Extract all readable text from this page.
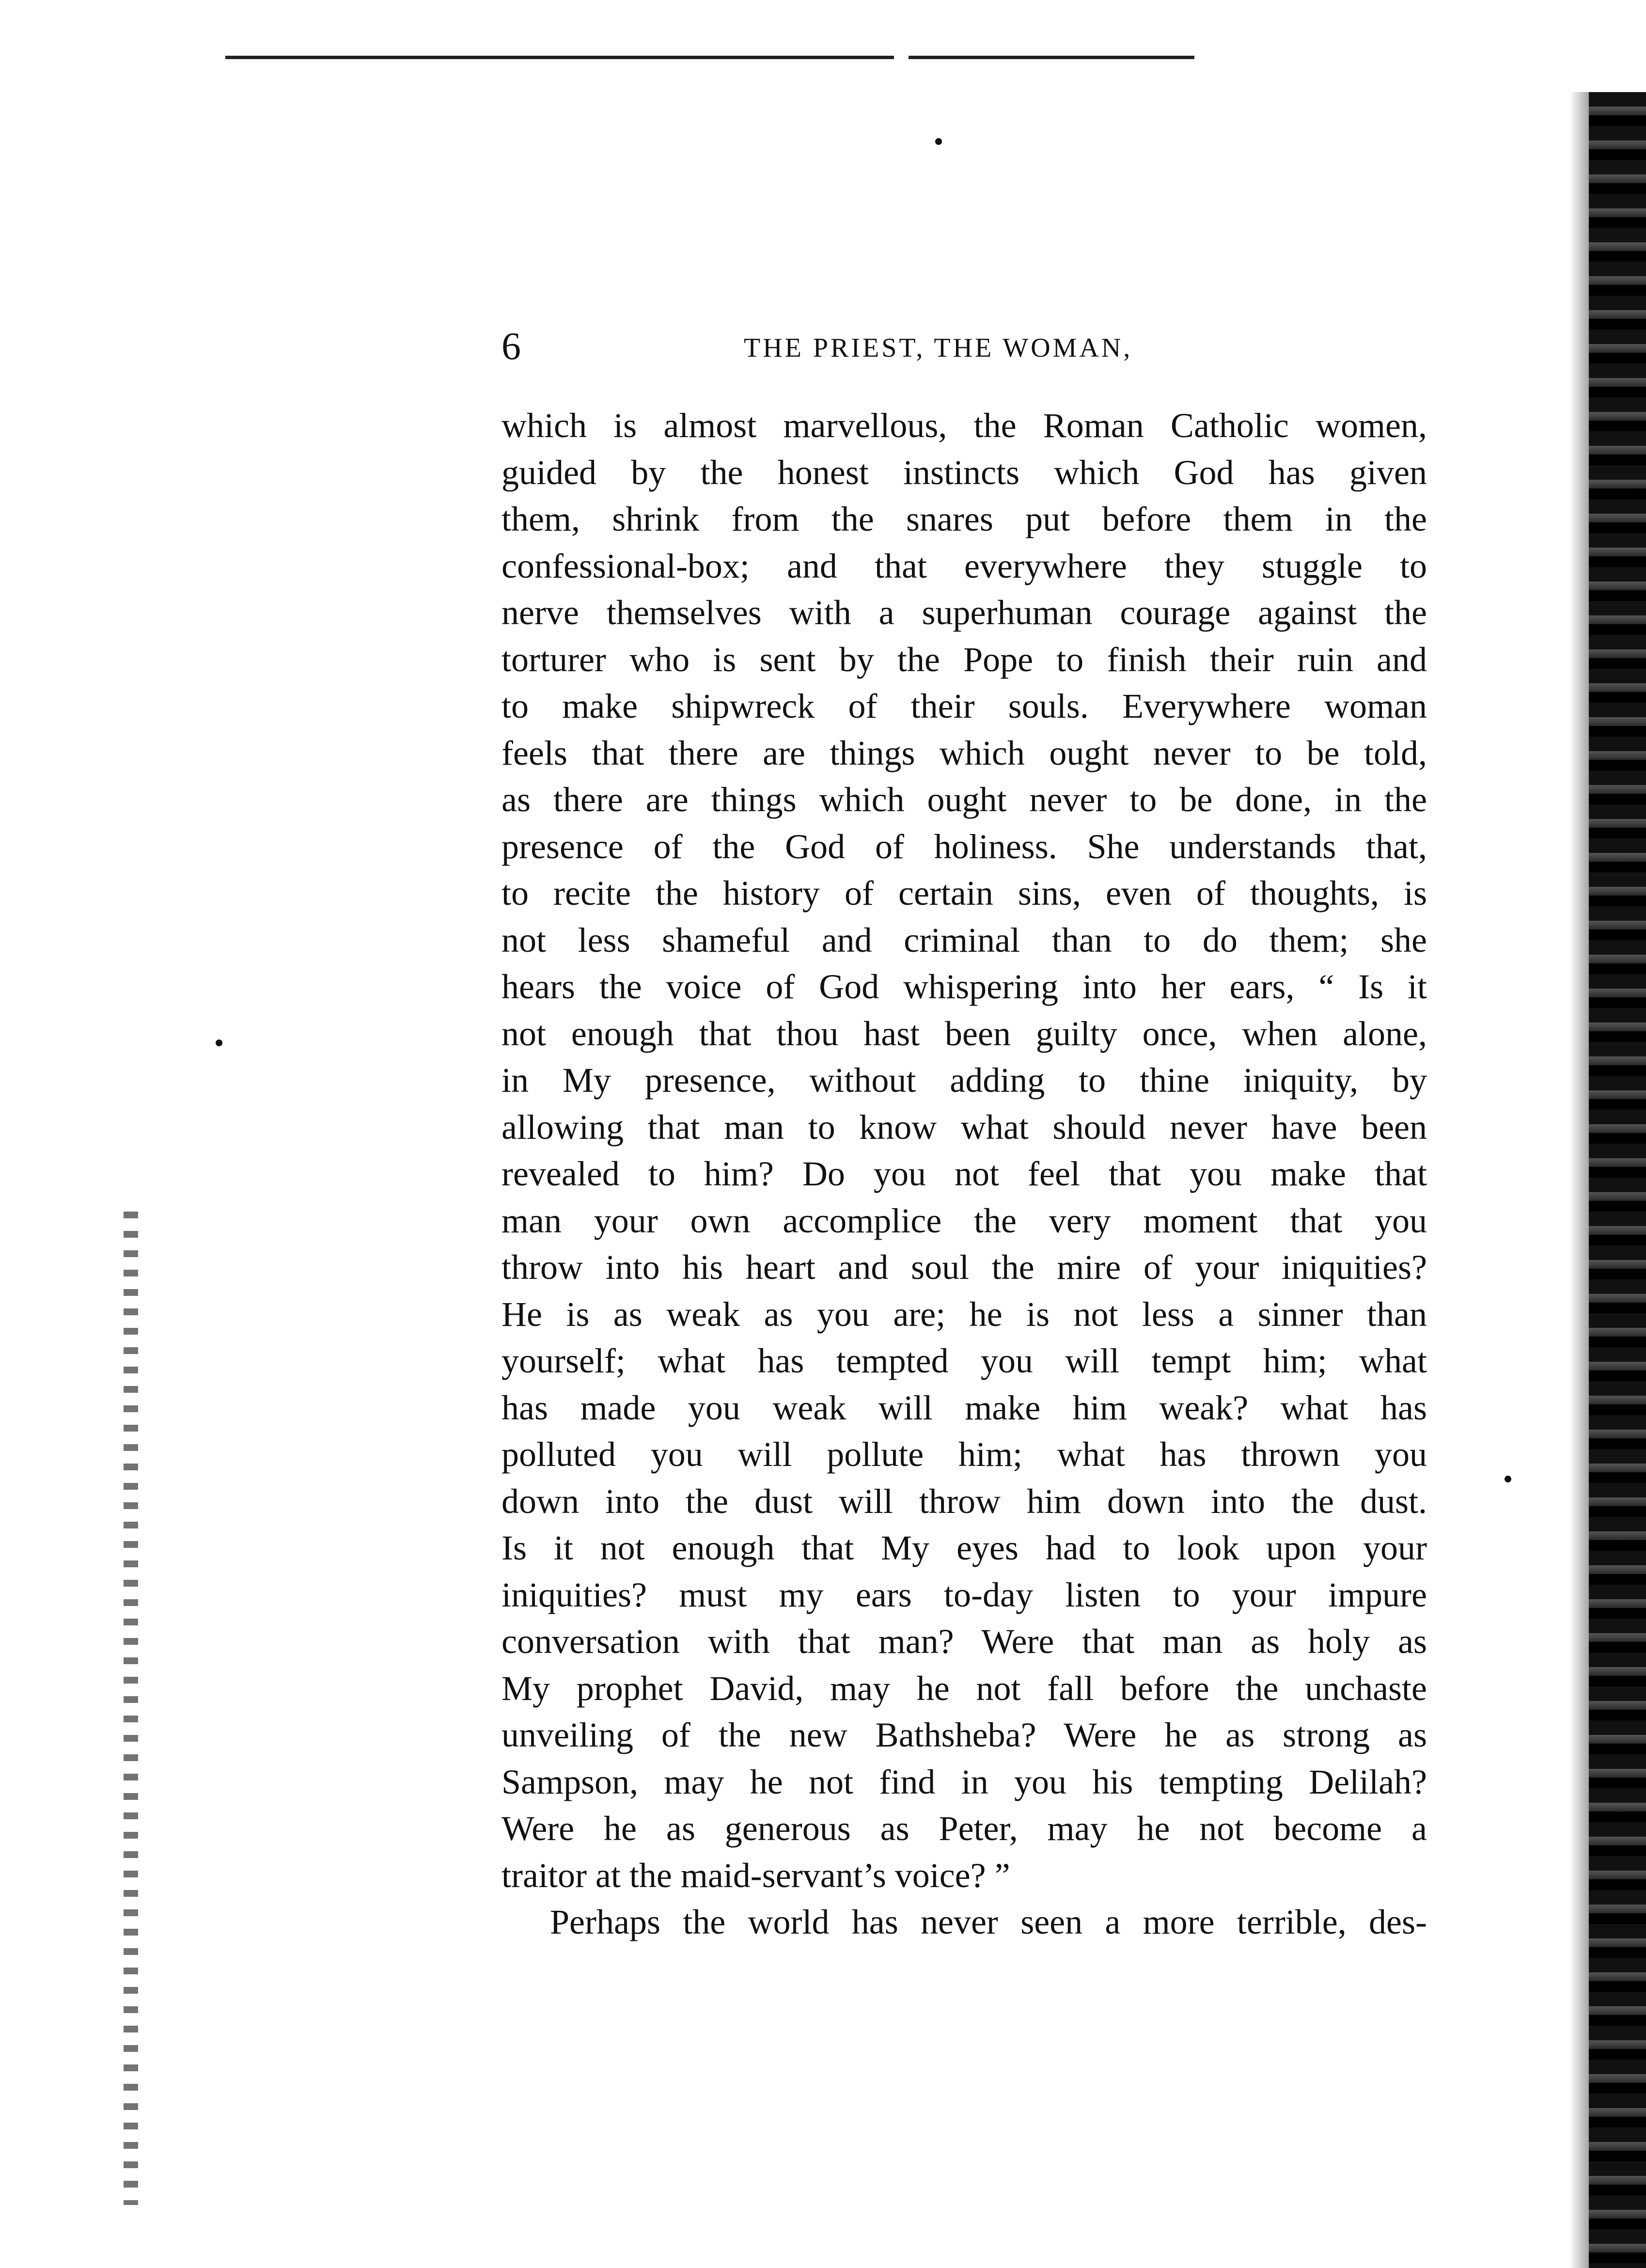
6	THE PRIEST, THE WOMAN,
which is almost marvellous, the Roman Catholic women,
guided by the honest instincts which God has given
them, shrink from the snares put before them in the
confessional-box; and that everywhere they stuggle to
nerve themselves with a superhuman courage against the
torturer who is sent by the Pope to finish their ruin and
to make shipwreck of their souls. Everywhere woman
feels that there are things which ought never to be told,
as there are things which ought never to be done, in the
presence of the God of holiness. She understands that,
to recite the history of certain sins, even of thoughts, is
not less shameful and criminal than to do them; she
hears the voice of God whispering into her ears, “ Is it
not enough that thou hast been guilty once, when alone,
in My presence, without adding to thine iniquity, by
allowing that man to know what should never have been
revealed to him? Do you not feel that you make that
man your own accomplice the very moment that you
throw into his heart and soul the mire of your iniquities?
He is as weak as you are; he is not less a sinner than
yourself; what has tempted you will tempt him; what
has made you weak will make him weak? what has
polluted you will pollute him; what has thrown you
down into the dust will throw him down into the dust.
Is it not enough that My eyes had to look upon your
iniquities? must my ears to-day listen to your impure
conversation with that man? Were that man as holy as
My prophet David, may he not fall before the unchaste
unveiling of the new Bathsheba? Were he as strong as
Sampson, may he not find in you his tempting Delilah?
Were he as generous as Peter, may he not become a
traitor at the maid-servant’s voice? ”
Perhaps the world has never seen a more terrible, des-
